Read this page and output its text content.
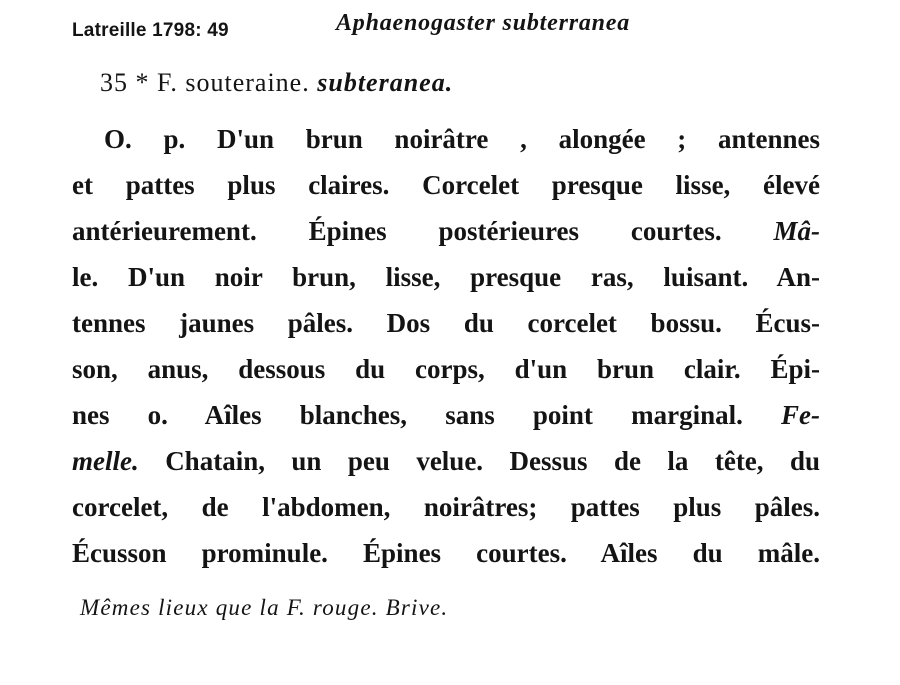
Latreille 1798: 49	Aphaenogaster subterranea
35 * F. souteraine. subteranea.
O. p. D'un brun noirâtre , alongée ; antennes
et pattes plus claires. Corcelet presque lisse, élevé
antérieurement. Épines postérieures courtes. Mâ-
le. D'un noir brun, lisse, presque ras, luisant. An-
tennes jaunes pâles. Dos du corcelet bossu. Écus-
son, anus, dessous du corps, d'un brun clair. Épi-
nes o. Aîles blanches, sans point marginal. Fe-
melle. Chatain, un peu velue. Dessus de la tête, du
corcelet, de l'abdomen, noirâtres; pattes plus pâles.
Écusson prominule. Épines courtes. Aîles du mâle.
Mêmes lieux que la F. rouge. Brive.
